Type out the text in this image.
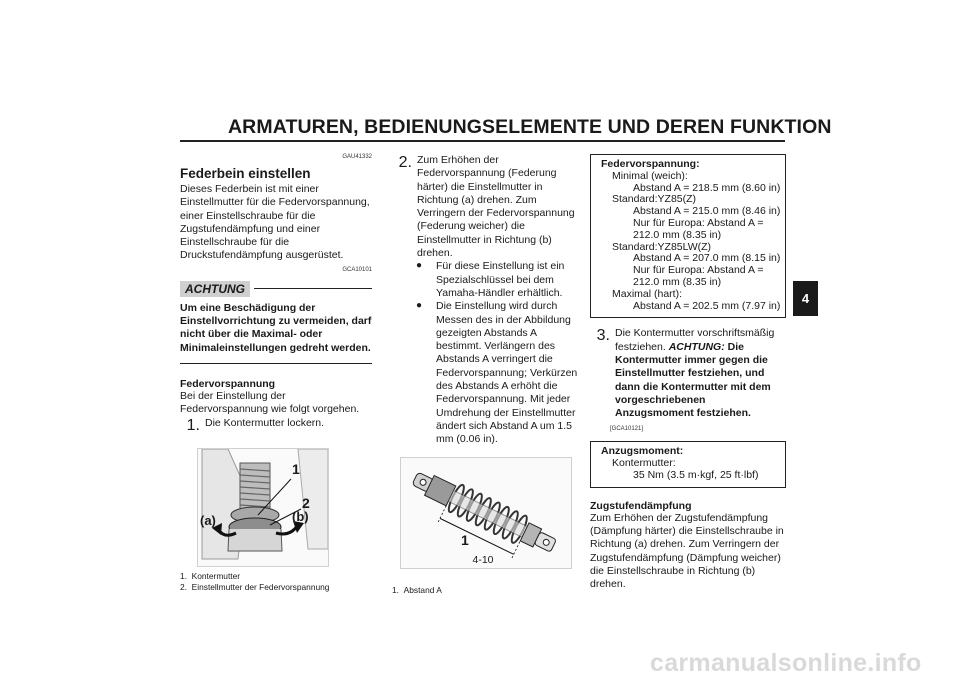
ARMATUREN, BEDIENUNGSELEMENTE UND DEREN FUNKTION
4
GAU41332
Federbein einstellen

Dieses Federbein ist mit einer Einstellmutter für die Federvorspannung, einer Einstellschraube für die Zugstufendämpfung und einer Einstellschraube für die Druckstufendämpfung ausgerüstet.

GCA10101
ACHTUNG
Um eine Beschädigung der Einstellvorrichtung zu vermeiden, darf nicht über die Maximal- oder Minimaleinstellungen gedreht werden.
Federvorspannung

Bei der Einstellung der Federvorspannung wie folgt vorgehen.

1. Die Kontermutter lockern.
1
2
(a)	(b)
1. Kontermutter
2. Einstellmutter der Federvorspannung
2. Zum Erhöhen der Federvorspannung (Federung härter) die Einstellmutter in Richtung (a) drehen. Zum Verringern der Federvorspannung (Federung weicher) die Einstellmutter in Richtung (b) drehen.
●	Für diese Einstellung ist ein Spezialschlüssel bei dem Yamaha-Händler erhältlich.
●	Die Einstellung wird durch Messen des in der Abbildung gezeigten Abstands A bestimmt. Verlängern des Abstands A verringert die Federvorspannung; Verkürzen des Abstands A erhöht die Federvorspannung. Mit jeder Umdrehung der Einstellmutter ändert sich Abstand A um 1.5 mm (0.06 in).
1
1. Abstand A
Federvorspannung:
Minimal (weich):
Abstand A = 218.5 mm (8.60 in)
Standard:YZ85(Z)
Abstand A = 215.0 mm (8.46 in)
Nur für Europa: Abstand A = 212.0 mm (8.35 in)
Standard:YZ85LW(Z)
Abstand A = 207.0 mm (8.15 in)
Nur für Europa: Abstand A = 212.0 mm (8.35 in)
Maximal (hart):
Abstand A = 202.5 mm (7.97 in)
3. Die Kontermutter vorschriftsmäßig festziehen. ACHTUNG: Die Kontermutter immer gegen die Einstellmutter festziehen, und dann die Kontermutter mit dem vorgeschriebenen Anzugsmoment festziehen.
[GCA10121]
Anzugsmoment:
Kontermutter:
35 Nm (3.5 m·kgf, 25 ft·lbf)
Zugstufendämpfung

Zum Erhöhen der Zugstufendämpfung (Dämpfung härter) die Einstellschraube in Richtung (a) drehen. Zum Verringern der Zugstufendämpfung (Dämpfung weicher) die Einstellschraube in Richtung (b) drehen.

4-10
carmanualsonline.info
